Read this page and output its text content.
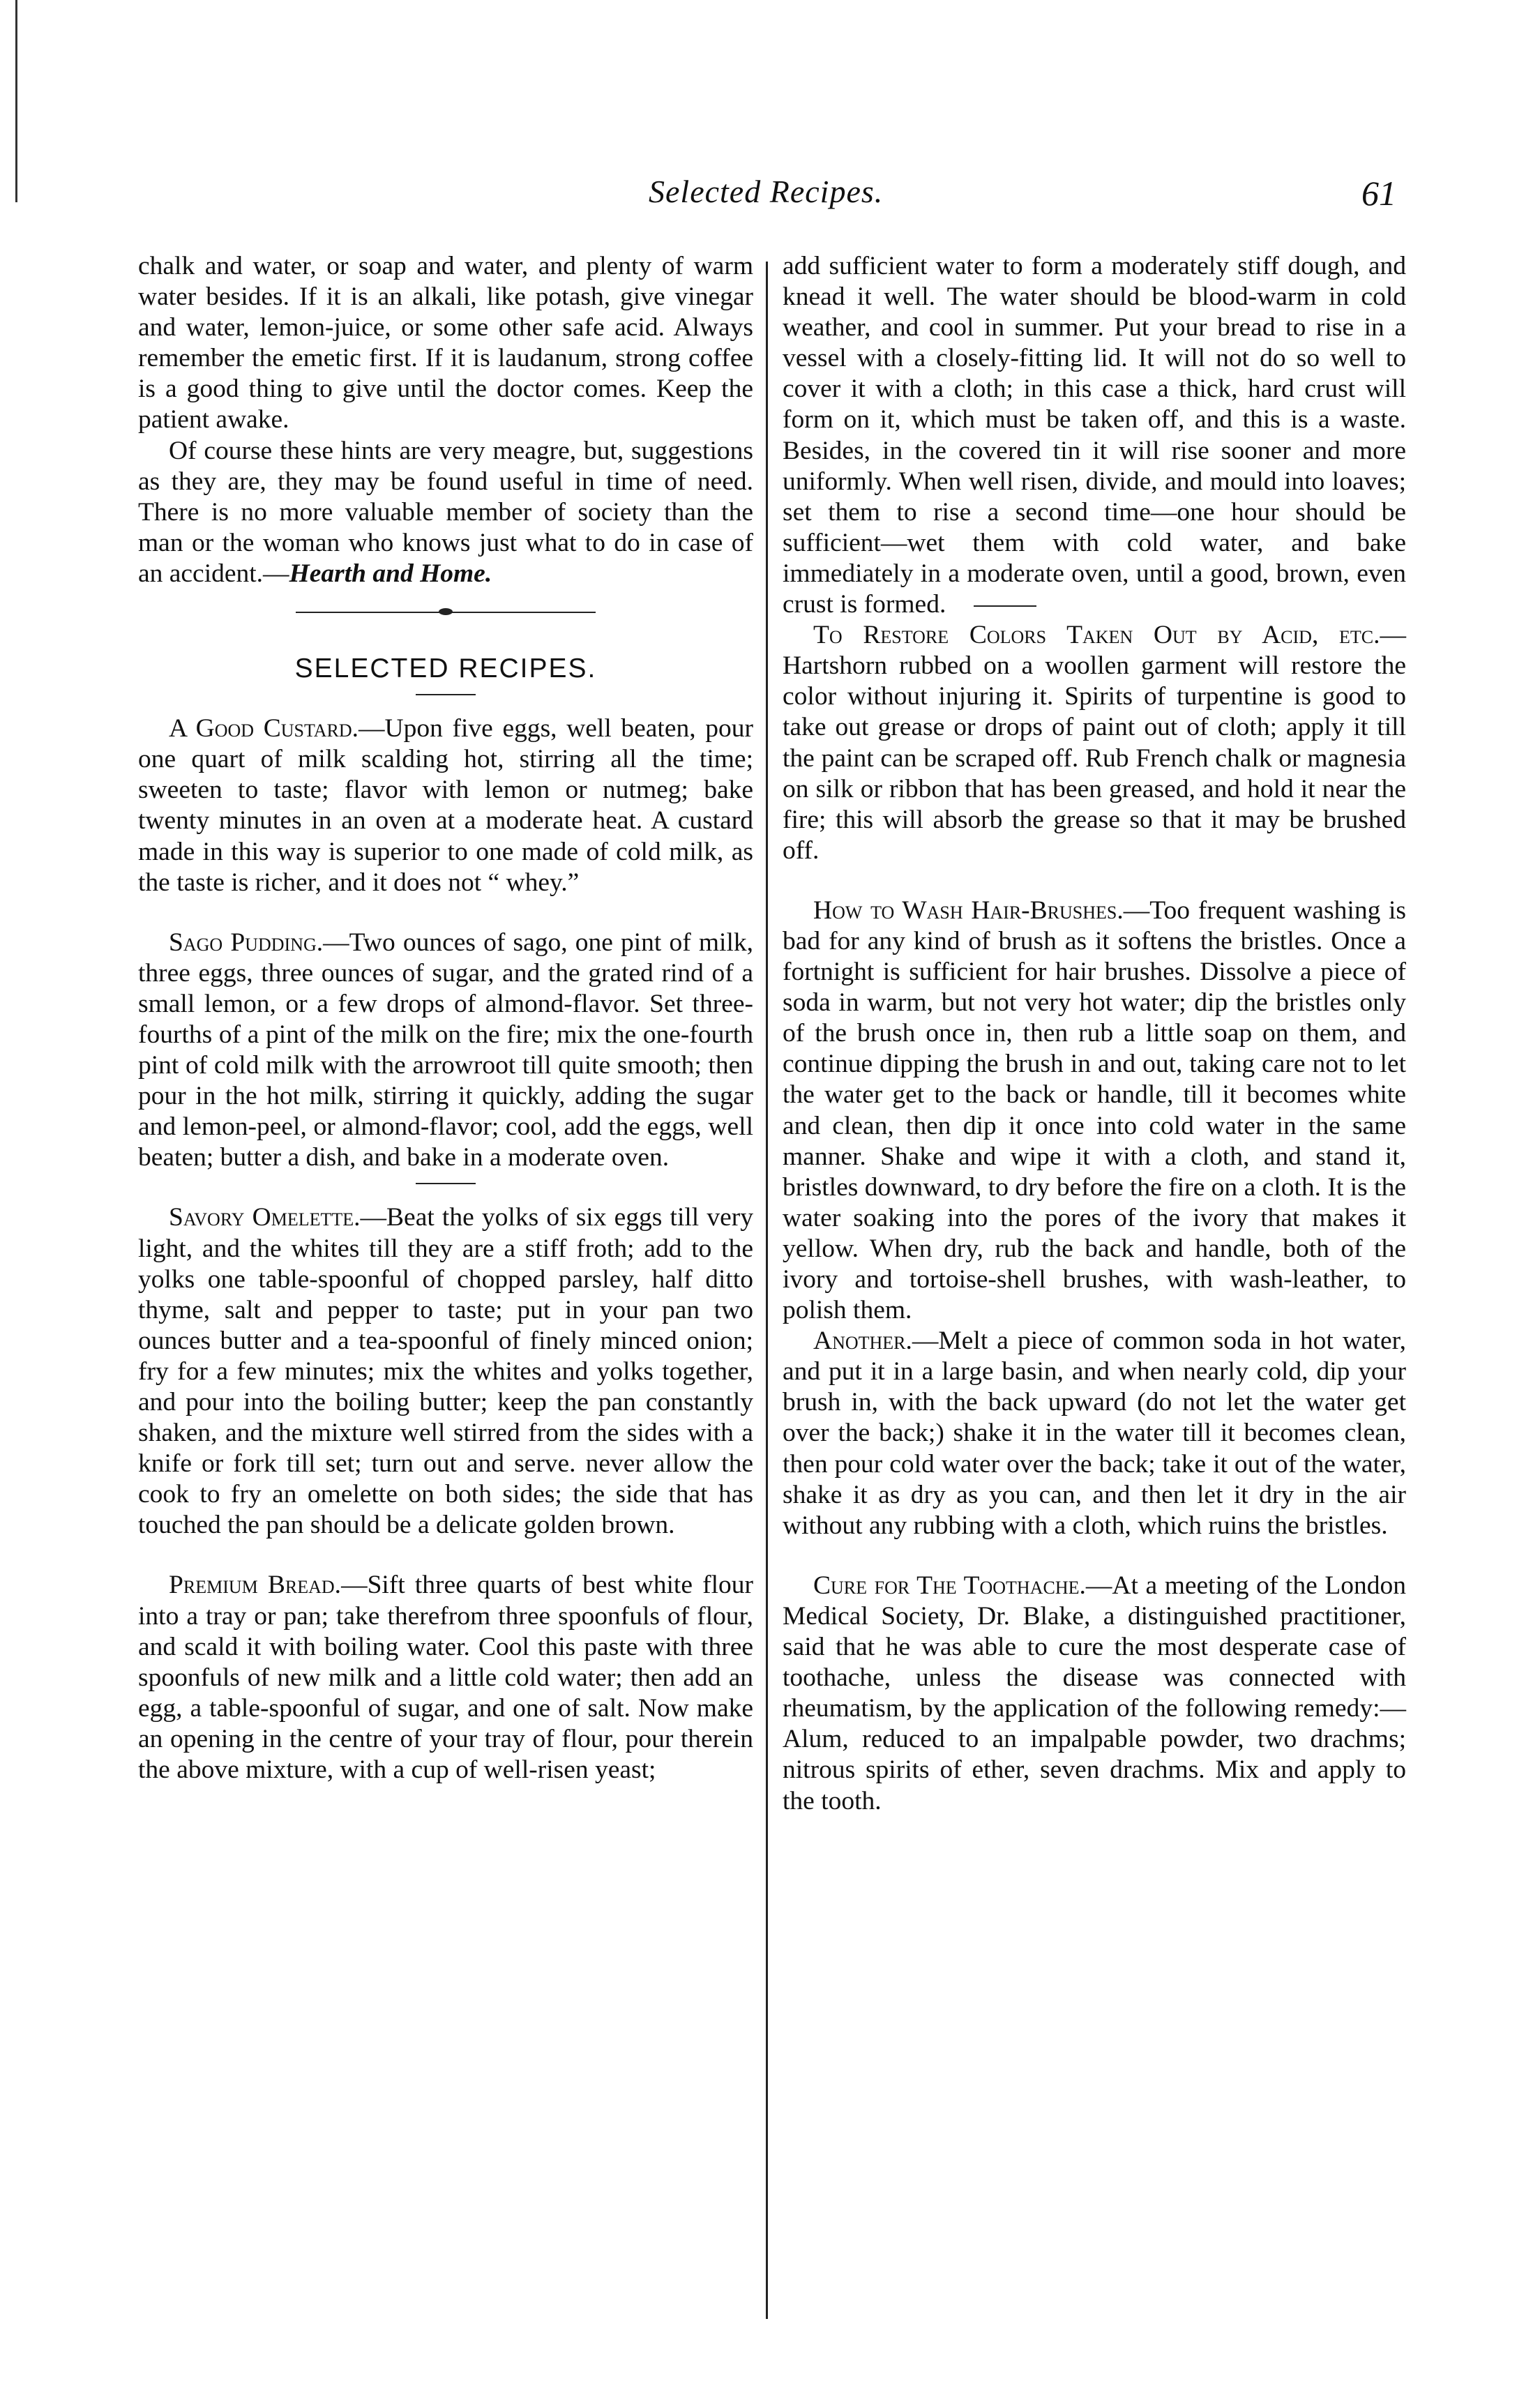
Selected Recipes.	61

chalk and water, or soap and water, and plenty of warm water besides. If it is an alkali, like potash, give vinegar and water, lemon-juice, or some other safe acid. Always remember the emetic first. If it is laudanum, strong coffee is a good thing to give until the doctor comes. Keep the patient awake.

Of course these hints are very meagre, but, suggestions as they are, they may be found useful in time of need. There is no more valuable member of society than the man or the woman who knows just what to do in case of an accident.—Hearth and Home.

SELECTED RECIPES.

A Good Custard.—Upon five eggs, well beaten, pour one quart of milk scalding hot, stirring all the time; sweeten to taste; flavor with lemon or nutmeg; bake twenty minutes in an oven at a moderate heat. A custard made in this way is superior to one made of cold milk, as the taste is richer, and it does not “ whey.”

Sago Pudding.—Two ounces of sago, one pint of milk, three eggs, three ounces of sugar, and the grated rind of a small lemon, or a few drops of almond-flavor. Set three-fourths of a pint of the milk on the fire; mix the one-fourth pint of cold milk with the arrowroot till quite smooth; then pour in the hot milk, stirring it quickly, adding the sugar and lemon-peel, or almond-flavor; cool, add the eggs, well beaten; butter a dish, and bake in a moderate oven.

Savory Omelette.—Beat the yolks of six eggs till very light, and the whites till they are a stiff froth; add to the yolks one table-spoonful of chopped parsley, half ditto thyme, salt and pepper to taste; put in your pan two ounces butter and a tea-spoonful of finely minced onion; fry for a few minutes; mix the whites and yolks together, and pour into the boiling butter; keep the pan constantly shaken, and the mixture well stirred from the sides with a knife or fork till set; turn out and serve. never allow the cook to fry an omelette on both sides; the side that has touched the pan should be a delicate golden brown.

Premium Bread.—Sift three quarts of best white flour into a tray or pan; take therefrom three spoonfuls of flour, and scald it with boiling water. Cool this paste with three spoonfuls of new milk and a little cold water; then add an egg, a table-spoonful of sugar, and one of salt. Now make an opening in the centre of your tray of flour, pour therein the above mixture, with a cup of well-risen yeast;

add sufficient water to form a moderately stiff dough, and knead it well. The water should be blood-warm in cold weather, and cool in summer. Put your bread to rise in a vessel with a closely-fitting lid. It will not do so well to cover it with a cloth; in this case a thick, hard crust will form on it, which must be taken off, and this is a waste. Besides, in the covered tin it will rise sooner and more uniformly. When well risen, divide, and mould into loaves; set them to rise a second time—one hour should be sufficient—wet them with cold water, and bake immediately in a moderate oven, until a good, brown, even crust is formed.

To Restore Colors Taken Out by Acid, etc.—Hartshorn rubbed on a woollen garment will restore the color without injuring it. Spirits of turpentine is good to take out grease or drops of paint out of cloth; apply it till the paint can be scraped off. Rub French chalk or magnesia on silk or ribbon that has been greased, and hold it near the fire; this will absorb the grease so that it may be brushed off.

How to Wash Hair-Brushes.—Too frequent washing is bad for any kind of brush as it softens the bristles. Once a fortnight is sufficient for hair brushes. Dissolve a piece of soda in warm, but not very hot water; dip the bristles only of the brush once in, then rub a little soap on them, and continue dipping the brush in and out, taking care not to let the water get to the back or handle, till it becomes white and clean, then dip it once into cold water in the same manner. Shake and wipe it with a cloth, and stand it, bristles downward, to dry before the fire on a cloth. It is the water soaking into the pores of the ivory that makes it yellow. When dry, rub the back and handle, both of the ivory and tortoise-shell brushes, with wash-leather, to polish them.

Another.—Melt a piece of common soda in hot water, and put it in a large basin, and when nearly cold, dip your brush in, with the back upward (do not let the water get over the back;) shake it in the water till it becomes clean, then pour cold water over the back; take it out of the water, shake it as dry as you can, and then let it dry in the air without any rubbing with a cloth, which ruins the bristles.

Cure for The Toothache.—At a meeting of the London Medical Society, Dr. Blake, a distinguished practitioner, said that he was able to cure the most desperate case of toothache, unless the disease was connected with rheumatism, by the application of the following remedy:—Alum, reduced to an impalpable powder, two drachms; nitrous spirits of ether, seven drachms. Mix and apply to the tooth.
